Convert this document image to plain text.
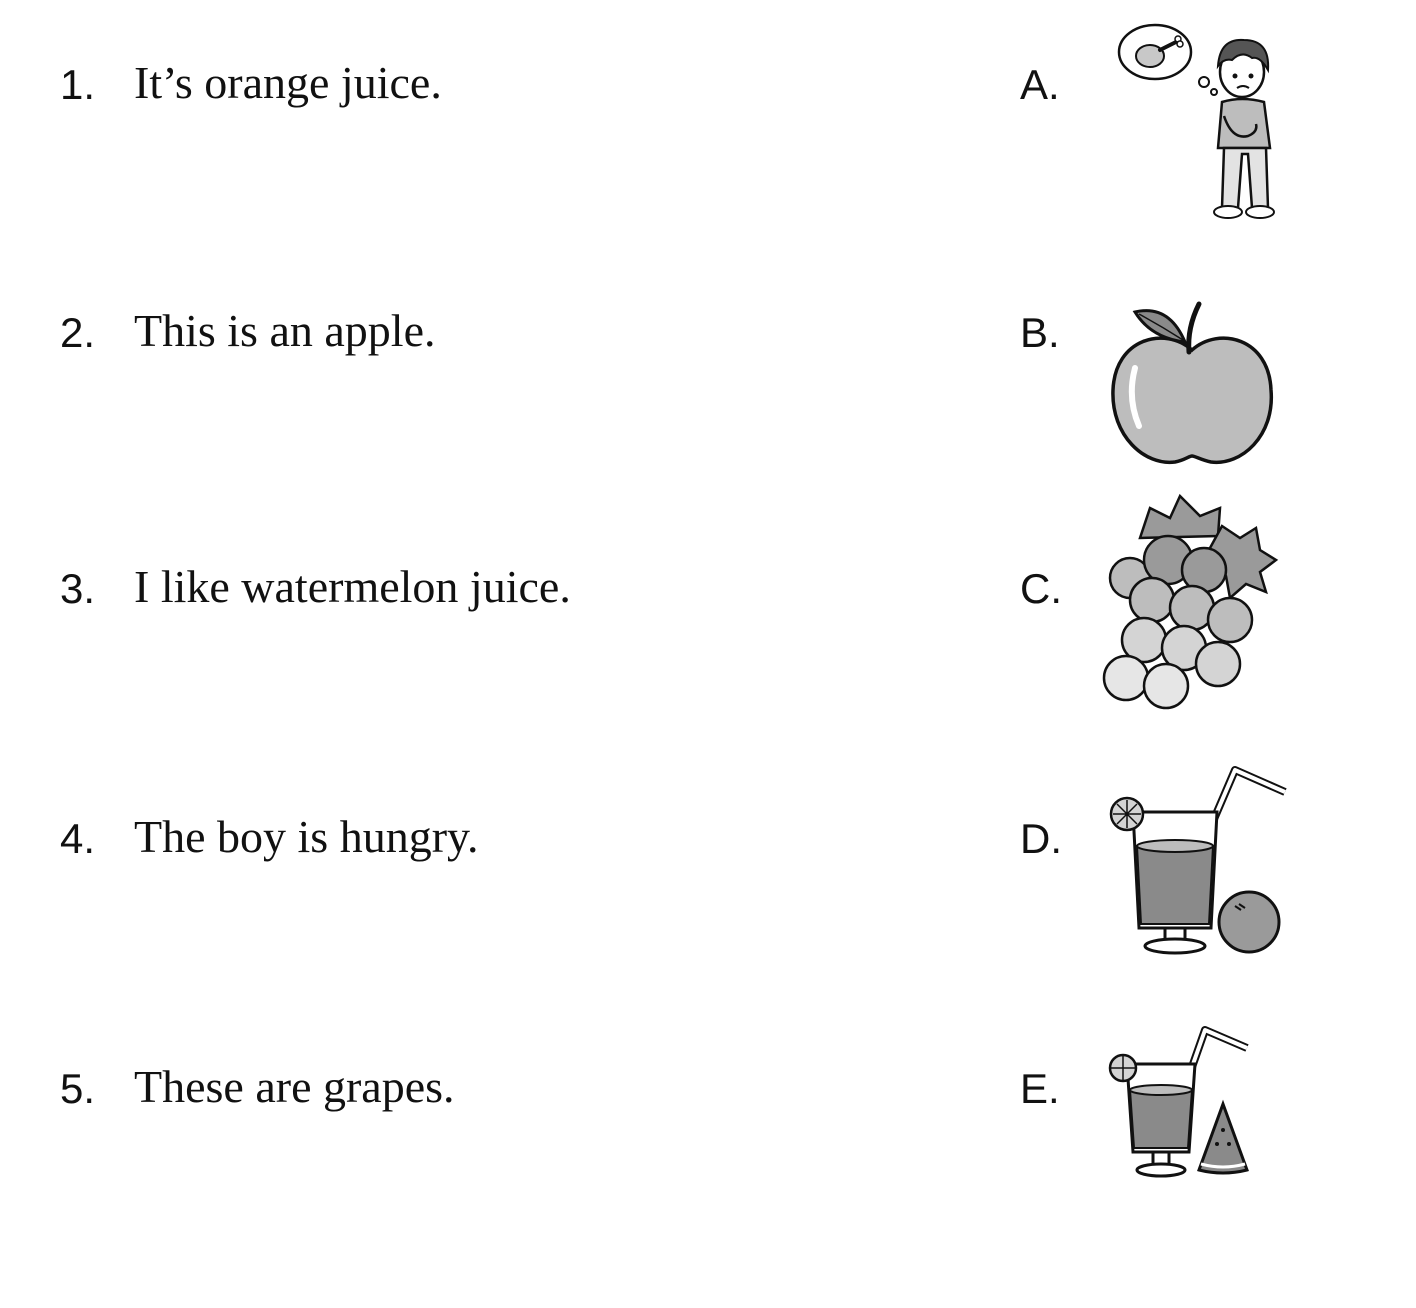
1. It’s orange juice.	A.
2. This is an apple.	B.
3. I like watermelon juice.	C.
4. The boy is hungry.	D.
5. These are grapes.	E.
